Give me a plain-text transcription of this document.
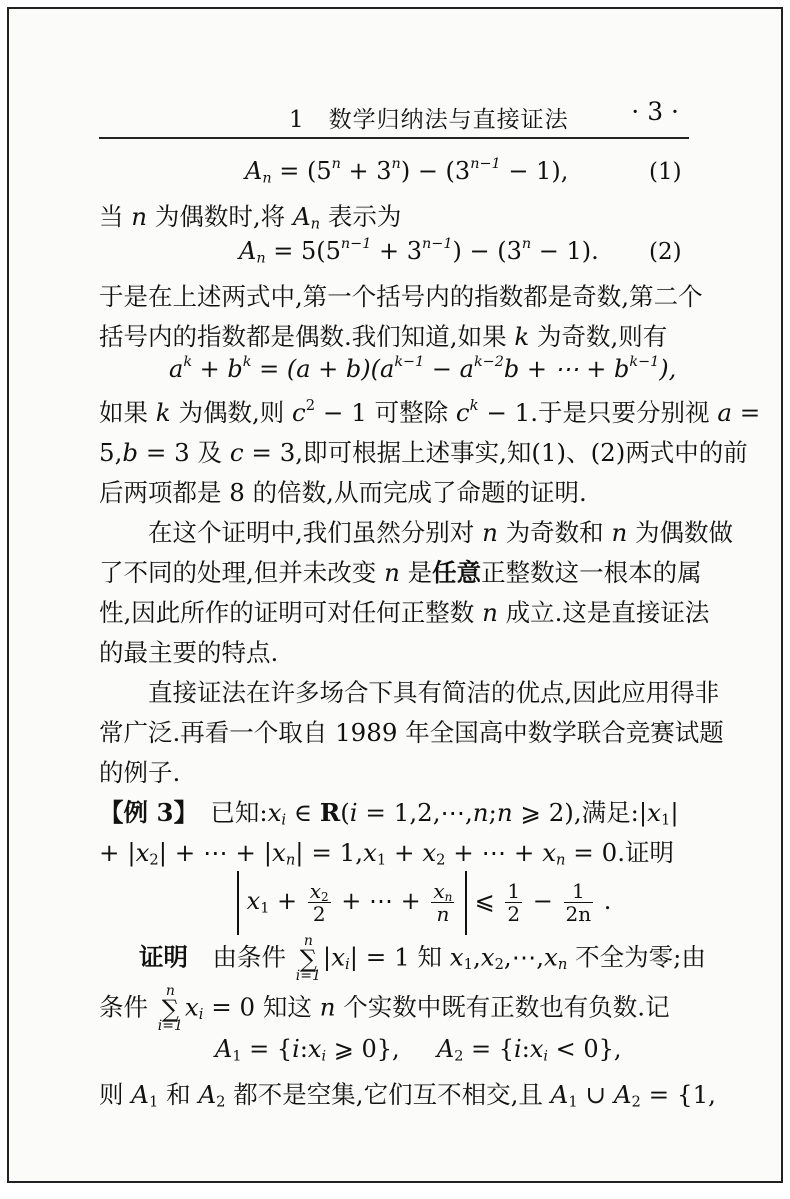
1　数学归纳法与直接证法	· 3 ·
$A_n = (5^n + 3^n) - (3^{n-1} - 1)$,	(1)
当 n 为偶数时,将 $A_n$ 表示为
$A_n = 5(5^{n-1} + 3^{n-1}) - (3^n - 1)$. (2)
于是在上述两式中,第一个括号内的指数都是奇数,第二个
括号内的指数都是偶数.我们知道,如果 k 为奇数,则有
$a^k + b^k = (a + b)(a^{k-1} - a^{k-2}b$ + ⋯ + $b^{k-1}$),
如果 k 为偶数,则 $c^2 - 1$ 可整除 $c^k - 1$.于是只要分别视 a =
5,b = 3 及 c = 3,即可根据上述事实,知(1)、(2)两式中的前
后两项都是 8 的倍数,从而完成了命题的证明.
　　在这个证明中,我们虽然分别对 n 为奇数和 n 为偶数做
了不同的处理,但并未改变 n 是任意正整数这一根本的属
性,因此所作的证明可对任何正整数 n 成立.这是直接证法
的最主要的特点.
　　直接证法在许多场合下具有简洁的优点,因此应用得非
常广泛.再看一个取自 1989 年全国高中数学联合竞赛试题
的例子.
【例 3】　已知$:x_i$ ∈ R(i = 1,2,⋯,n;n ⩾ 2),满足$:|x_1|$
+ $|x_2|$ + ⋯ + $|x_n| = 1,x_1 + x_2$ + ⋯ + $x_n = 0$.证明
$x_1 + \frac{x_2}{2}$ + ⋯ + $\frac{x_n}{n}$ ⩽ $\frac{1}{2} - \frac{1}{2n}$ .
证明　由条件 n
∑
$i=1|x_i| = 1$ 知 $x_1,x_2,\cdots,x_n$ 不全为零;由
条件 n
∑
$i=1x_i = 0$ 知这 n 个实数中既有正数也有负数.记
$A_1$ = {$i:x_i$ ⩾ 0}, $A_2$ = $\{i:x_i < 0\}$,
则 $A_1$ 和 $A_2$ 都不是空集,它们互不相交,且 $A_1$ ∪ $A_2 = \{1$,
